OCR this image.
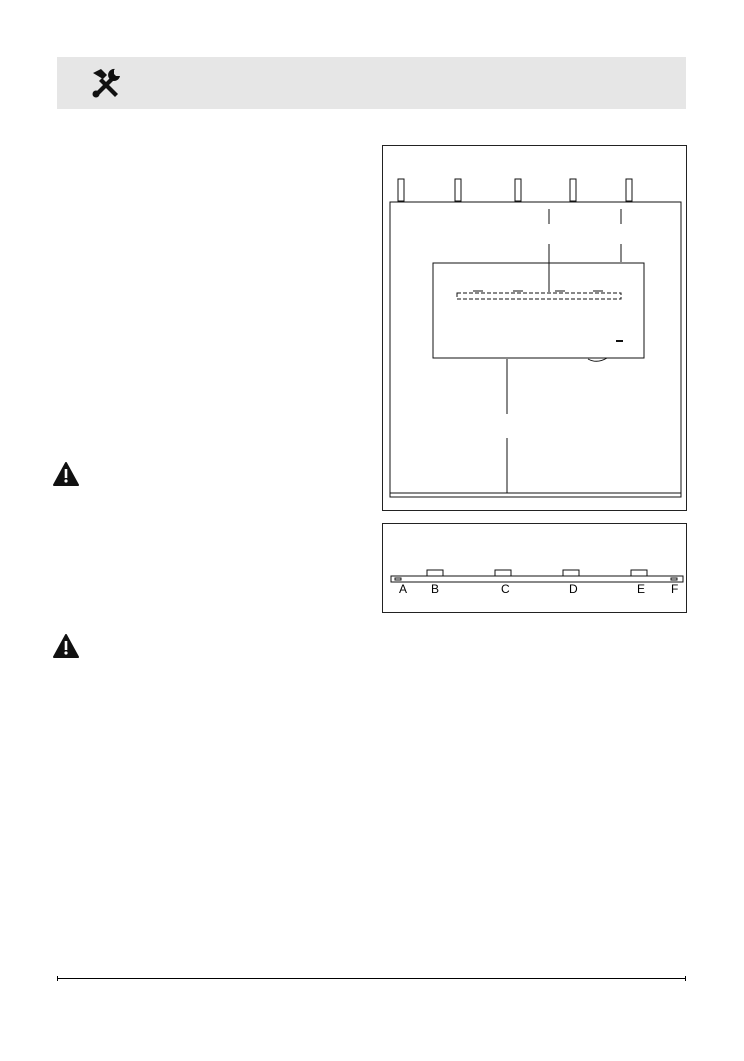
A B	C	D	E F
